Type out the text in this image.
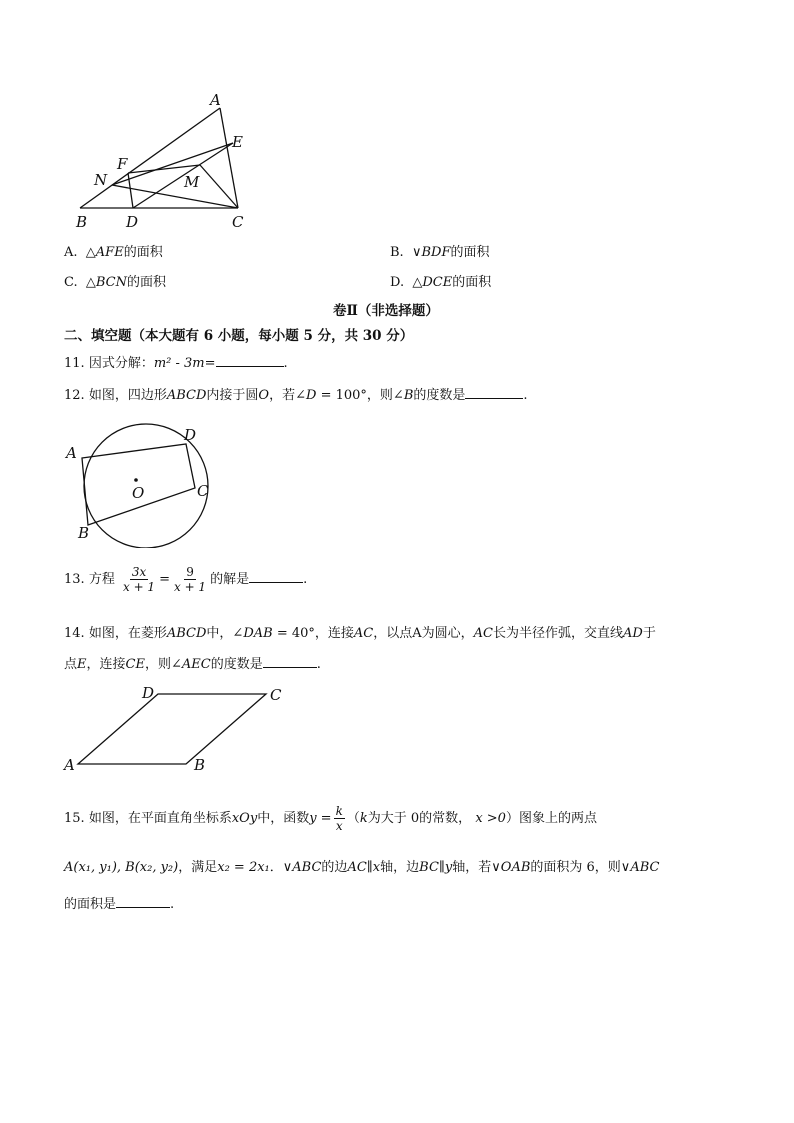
A
E
F
N	M
B	D	C
A. △AFE的面积	B. ∨BDF的面积
C. △BCN的面积	D. △DCE的面积
卷Ⅱ（非选择题）
二、填空题（本大题有 6 小题，每小题 5 分，共 30 分）
11. 因式分解：m² - 3m=	.
12. 如图，四边形ABCD内接于圆O，若∠D = 100°，则∠B的度数是	.
A
D
C
B
O
13. 方程 $\frac{3x}{x + 1} = \frac{9}{x + 1}$ 的解是	.
14. 如图，在菱形ABCD中，∠DAB = 40°，连接AC，以点A为圆心，AC长为半径作弧，交直线AD于
点E，连接CE，则∠AEC的度数是	.
D	C
A	B
15. 如图，在平面直角坐标系xOy中，函数$y = \frac{k}{x} (k$为大于 0的常数， x >0）图象上的两点
A(x₁, y₁), B(x₂, y₂)，满足x₂ = 2x₁．∨ABC的边AC∥x轴，边BC∥y轴，若∨OAB的面积为 6，则∨ABC
的面积是	.
